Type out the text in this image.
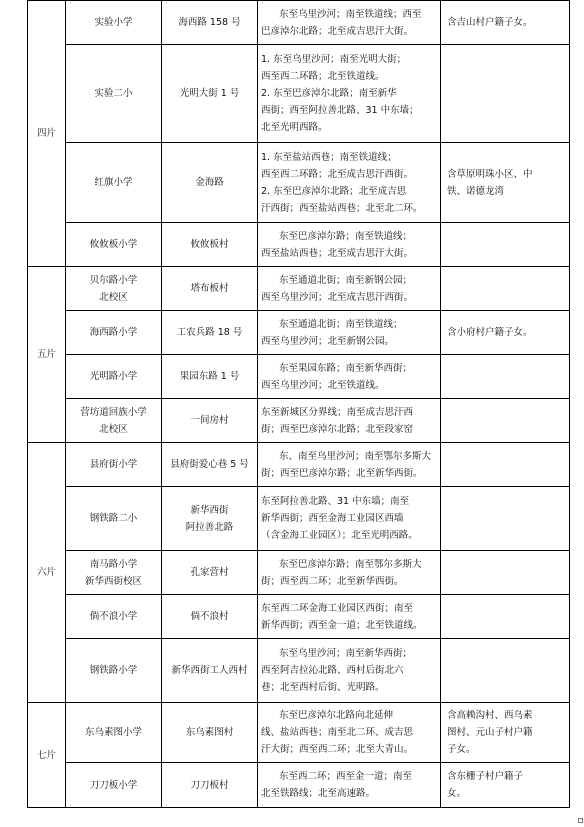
四片	实验小学	海西路 158 号	东至乌里沙河；南至铁道线；西至
巴彦淖尔北路；北至成吉思汗大街。	含吉山村户籍子女。

	实验二小	光明大街 1 号	1. 东至乌里沙河；南至光明大街；
西至西二环路；北至铁道线。
2. 东至巴彦淖尔北路；南至新华
西街；西至阿拉善北路、31 中东墙；
北至光明西路。	

	红旗小学	金海路	1. 东至盐站西巷；南至铁道线；
西至西二环路；北至成吉思汗西街。
2. 东至巴彦淖尔北路；北至成吉思
汗西街；西至盐站西巷；北至北二环。	含草原明珠小区、中
铁、诺德龙湾

	攸攸板小学	攸攸板村	东至巴彦淖尔路；南至铁道线；
西至盐站西巷；北至成吉思汗大街。	

五片	贝尔路小学
北校区	塔布板村	东至通道北街；南至新钢公园；
西至乌里沙河；北至成吉思汗西街。	

	海西路小学	工农兵路 18 号	东至通道北街；南至铁道线；
西至乌里沙河；北至新钢公园。	含小府村户籍子女。

	光明路小学	果园东路 1 号	东至果园东路；南至新华西街；
西至乌里沙河；北至铁道线。	

	营坊道回族小学
北校区	一间房村	东至新城区分界线；南至成吉思汗西
街；西至巴彦淖尔北路；北至段家窑	

六片	县府街小学	县府街爱心巷 5 号	东、南至乌里沙河；南至鄂尔多斯大
街；西至巴彦淖尔路；北至新华西街。	

	钢铁路二小	新华西街
阿拉善北路	东至阿拉善北路、31 中东墙；南至
新华西街；西至金海工业园区西墙
（含金海工业园区）；北至光明西路。	

	南马路小学
新华西街校区	孔家营村	东至巴彦淖尔路；南至鄂尔多斯大
街；西至西二环；北至新华西街。	

	倘不浪小学	倘不浪村	东至西二环金海工业园区西街；南至
新华西街；西至金一道；北至铁道线。	

	钢铁路小学	新华西街工人西村	东至乌里沙河；南至新华西街；
西至阿吉拉沁北路、西村后街北六
巷；北至西村后街、光明路。	

七片	东乌素图小学	东乌素图村	东至巴彦淖尔北路向北延伸
线、盐站西巷；南至北二环、成吉思
汗大街；西至西二环；北至大青山。	含高赖沟村、西乌素
图村、元山子村户籍
子女。

	刀刀板小学	刀刀板村	东至西二环；西至金一道；南至
北至铁路线；北至高速路。	含东栅子村户籍子
女。
